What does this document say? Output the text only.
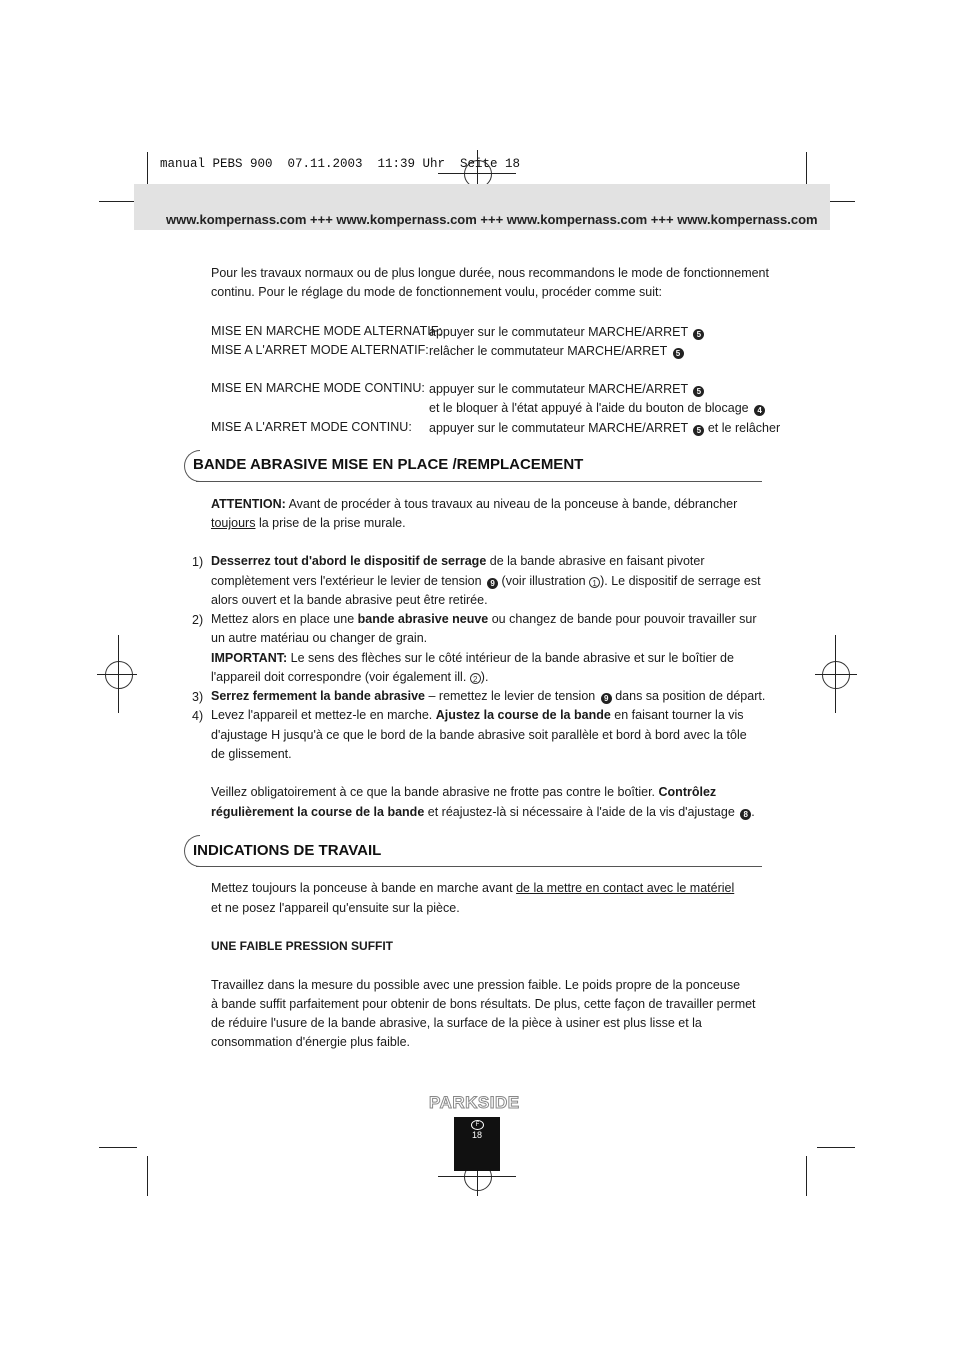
manual PEBS 900  07.11.2003  11:39 Uhr  Seite 18
www.kompernass.com +++ www.kompernass.com +++ www.kompernass.com +++ www.kompernass.com
Pour les travaux normaux ou de plus longue durée, nous recommandons le mode de fonctionnement
continu. Pour le réglage du mode de fonctionnement voulu, procéder comme suit:
MISE EN MARCHE MODE ALTERNATIF:
appuyer sur le commutateur MARCHE/ARRET 5
MISE A L'ARRET MODE ALTERNATIF: relâcher le commutateur MARCHE/ARRET 5
MISE EN MARCHE MODE CONTINU: appuyer sur le commutateur MARCHE/ARRET 5
et le bloquer à l'état appuyé à l'aide du bouton de blocage 4
MISE A L'ARRET MODE CONTINU: appuyer sur le commutateur MARCHE/ARRET 5 et le relâcher
BANDE ABRASIVE MISE EN PLACE /REMPLACEMENT
ATTENTION: Avant de procéder à tous travaux au niveau de la ponceuse à bande, débrancher
toujours la prise de la prise murale.
1) Desserrez tout d'abord le dispositif de serrage de la bande abrasive en faisant pivoter
complètement vers l'extérieur le levier de tension 9 (voir illustration 1 ). Le dispositif de serrage est
alors ouvert et la bande abrasive peut être retirée.
2) Mettez alors en place une bande abrasive neuve ou changez de bande pour pouvoir travailler sur
un autre matériau ou changer de grain.
IMPORTANT: Le sens des flèches sur le côté intérieur de la bande abrasive et sur le boîtier de
l'appareil doit correspondre (voir également ill. 2 ).
3) Serrez fermement la bande abrasive – remettez le levier de tension 9 dans sa position de départ.
4) Levez l'appareil et mettez-le en marche. Ajustez la course de la bande en faisant tourner la vis
d'ajustage H jusqu'à ce que le bord de la bande abrasive soit parallèle et bord à bord avec la tôle
de glissement.
Veillez obligatoirement à ce que la bande abrasive ne frotte pas contre le boîtier. Contrôlez
régulièrement la course de la bande et réajustez-là si nécessaire à l'aide de la vis d'ajustage 8 .
INDICATIONS DE TRAVAIL
Mettez toujours la ponceuse à bande en marche avant de la mettre en contact avec le matériel
et ne posez l'appareil qu'ensuite sur la pièce.
UNE FAIBLE PRESSION SUFFIT
Travaillez dans la mesure du possible avec une pression faible. Le poids propre de la ponceuse
à bande suffit parfaitement pour obtenir de bons résultats. De plus, cette façon de travailler permet
de réduire l'usure de la bande abrasive, la surface de la pièce à usiner est plus lisse et la
consommation d'énergie plus faible.
PARKSIDE
F
18
